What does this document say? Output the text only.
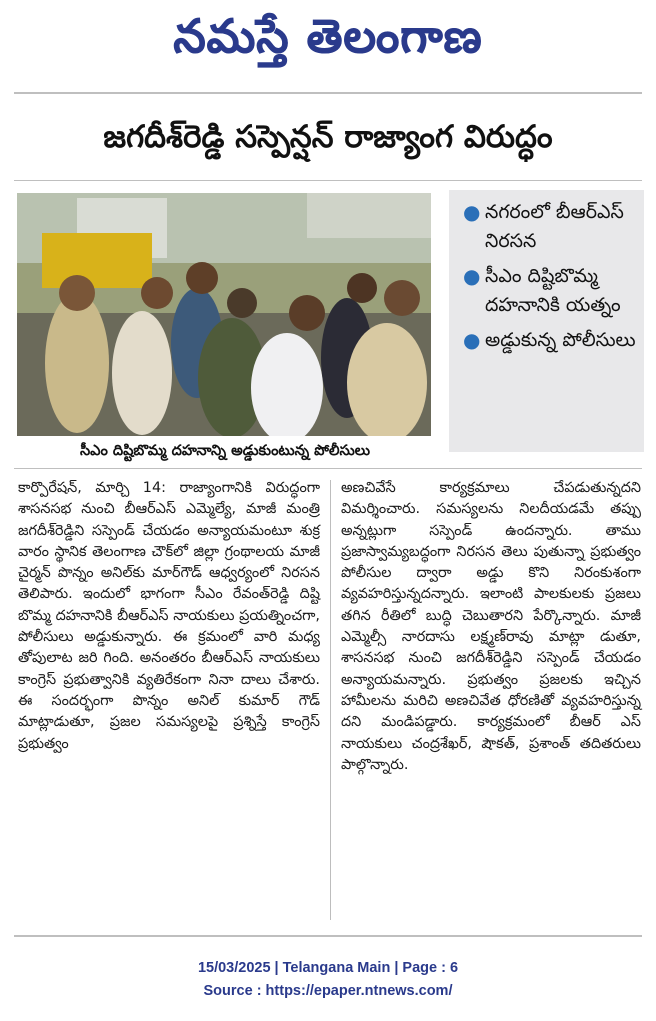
నమస్తే తెలంగాణ
జగదీశ్‌రెడ్డి సస్పెన్షన్ రాజ్యాంగ విరుద్ధం
సీఎం దిష్టిబొమ్మ దహనాన్ని అడ్డుకుంటున్న పోలీసులు
● నగరంలో బీఆర్ఎస్ నిరసన
● సీఎం దిష్టిబొమ్మ దహనానికి యత్నం
● అడ్డుకున్న పోలీసులు

కార్పొరేషన్, మార్చి 14: రాజ్యాంగానికి విరుద్ధంగా శాసనసభ నుంచి బీఆర్ఎస్ ఎమ్మెల్యే, మాజీ మంత్రి జగదీశ్‌రెడ్డిని సస్పెండ్ చేయడం అన్యాయమంటూ శుక్ర వారం స్థానిక తెలంగాణ చౌక్‌లో జిల్లా గ్రంథాలయ మాజీ చైర్మన్ పొన్నం అనిల్‌కు మార్‌గౌడ్ ఆధ్వర్యంలో నిరసన తెలిపారు. ఇందులో భాగంగా సీఎం రేవంత్‌రెడ్డి దిష్టి బొమ్మ దహనానికి బీఆర్ఎస్ నాయకులు ప్రయత్నించగా, పోలీసులు అడ్డుకున్నారు. ఈ క్రమంలో వారి మధ్య తోపులాట జరి గింది. అనంతరం బీఆర్ఎస్ నాయకులు కాంగ్రెస్ ప్రభుత్వానికి వ్యతిరేకంగా నినా దాలు చేశారు. ఈ సందర్భంగా పొన్నం అనిల్ కుమార్ గౌడ్ మాట్లాడుతూ, ప్రజల సమస్యలపై ప్రశ్నిస్తే కాంగ్రెస్ ప్రభుత్వం

అణచివేసే కార్యక్రమాలు చేపడుతున్నదని విమర్శించారు. సమస్యలను నిలదీయడమే తప్పు అన్నట్లుగా సస్పెండ్ ఉందన్నారు. తాము ప్రజాస్వామ్యబద్ధంగా నిరసన తెలు పుతున్నా ప్రభుత్వం పోలీసుల ద్వారా అడ్డు కొని నిరంకుశంగా వ్యవహరిస్తున్నదన్నారు. ఇలాంటి పాలకులకు ప్రజలు తగిన రీతిలో బుద్ధి చెబుతారని పేర్కొన్నారు. మాజీ ఎమ్మెల్సీ నారదాసు లక్ష్మణ్‌రావు మాట్లా డుతూ, శాసనసభ నుంచి జగదీశ్‌రెడ్డిని సస్పెండ్ చేయడం అన్యాయమన్నారు. ప్రభుత్వం ప్రజలకు ఇచ్చిన హామీలను మరిచి అణచివేత ధోరణితో వ్యవహరిస్తున్న దని మండిపడ్డారు. కార్యక్రమంలో బీఆర్ ఎస్ నాయకులు చంద్రశేఖర్, షౌకత్, ప్రశాంత్ తదితరులు పాల్గొన్నారు.

15/03/2025 | Telangana Main | Page : 6
Source : https://epaper.ntnews.com/
